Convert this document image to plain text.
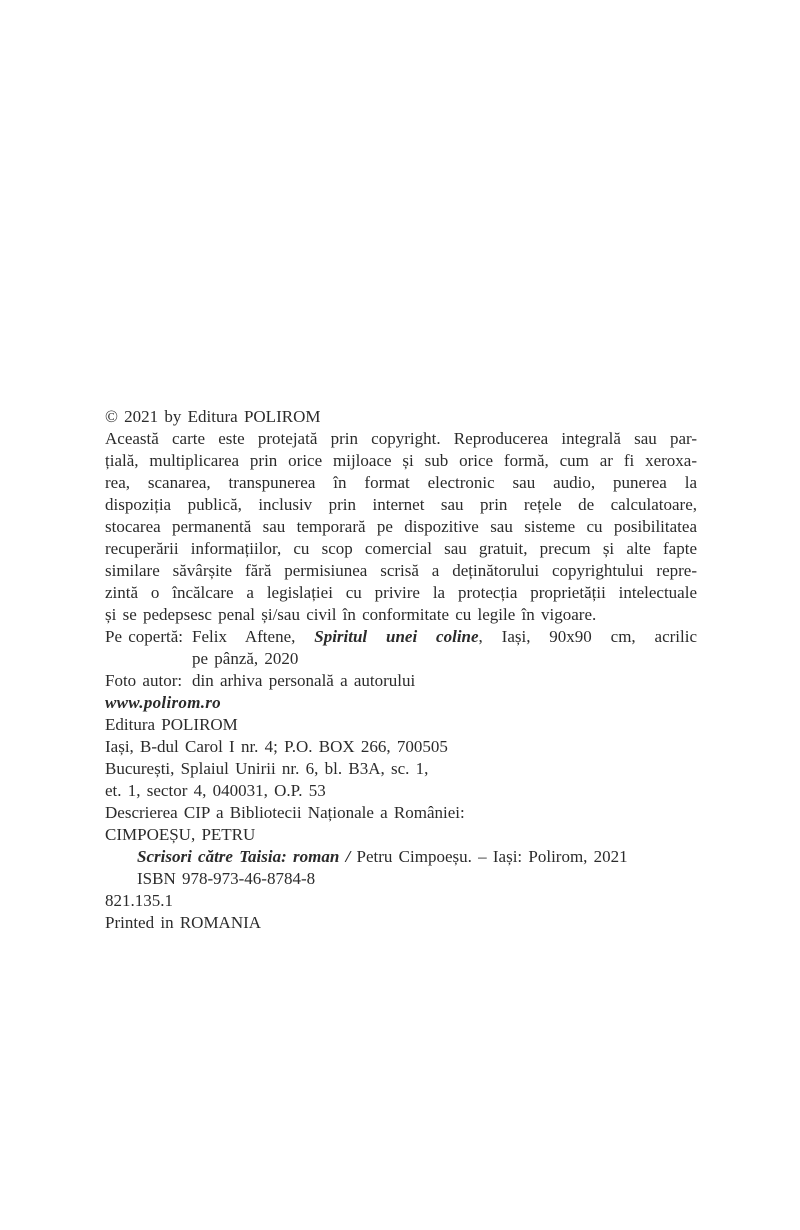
© 2021 by Editura POLIROM

Această carte este protejată prin copyright. Reproducerea integrală sau par-
țială, multiplicarea prin orice mijloace și sub orice formă, cum ar fi xeroxa-
rea, scanarea, transpunerea în format electronic sau audio, punerea la
dispoziția publică, inclusiv prin internet sau prin rețele de calculatoare,
stocarea permanentă sau temporară pe dispozitive sau sisteme cu posibilitatea
recuperării informațiilor, cu scop comercial sau gratuit, precum și alte fapte
similare săvârșite fără permisiunea scrisă a deținătorului copyrightului repre-
zintă o încălcare a legislației cu privire la protecția proprietății intelectuale
și se pedepsesc penal și/sau civil în conformitate cu legile în vigoare.
Pe copertă: Felix Aftene, Spiritul unei coline, Iași, 90x90 cm, acrilic
pe pânză, 2020
Foto autor: din arhiva personală a autorului

www.polirom.ro

Editura POLIROM
Iași, B-dul Carol I nr. 4; P.O. BOX 266, 700505
București, Splaiul Unirii nr. 6, bl. B3A, sc. 1,
et. 1, sector 4, 040031, O.P. 53

Descrierea CIP a Bibliotecii Naționale a României:

CIMPOEȘU, PETRU
Scrisori către Taisia: roman / Petru Cimpoeșu. – Iași: Polirom, 2021
ISBN 978-973-46-8784-8

821.135.1

Printed in ROMANIA
